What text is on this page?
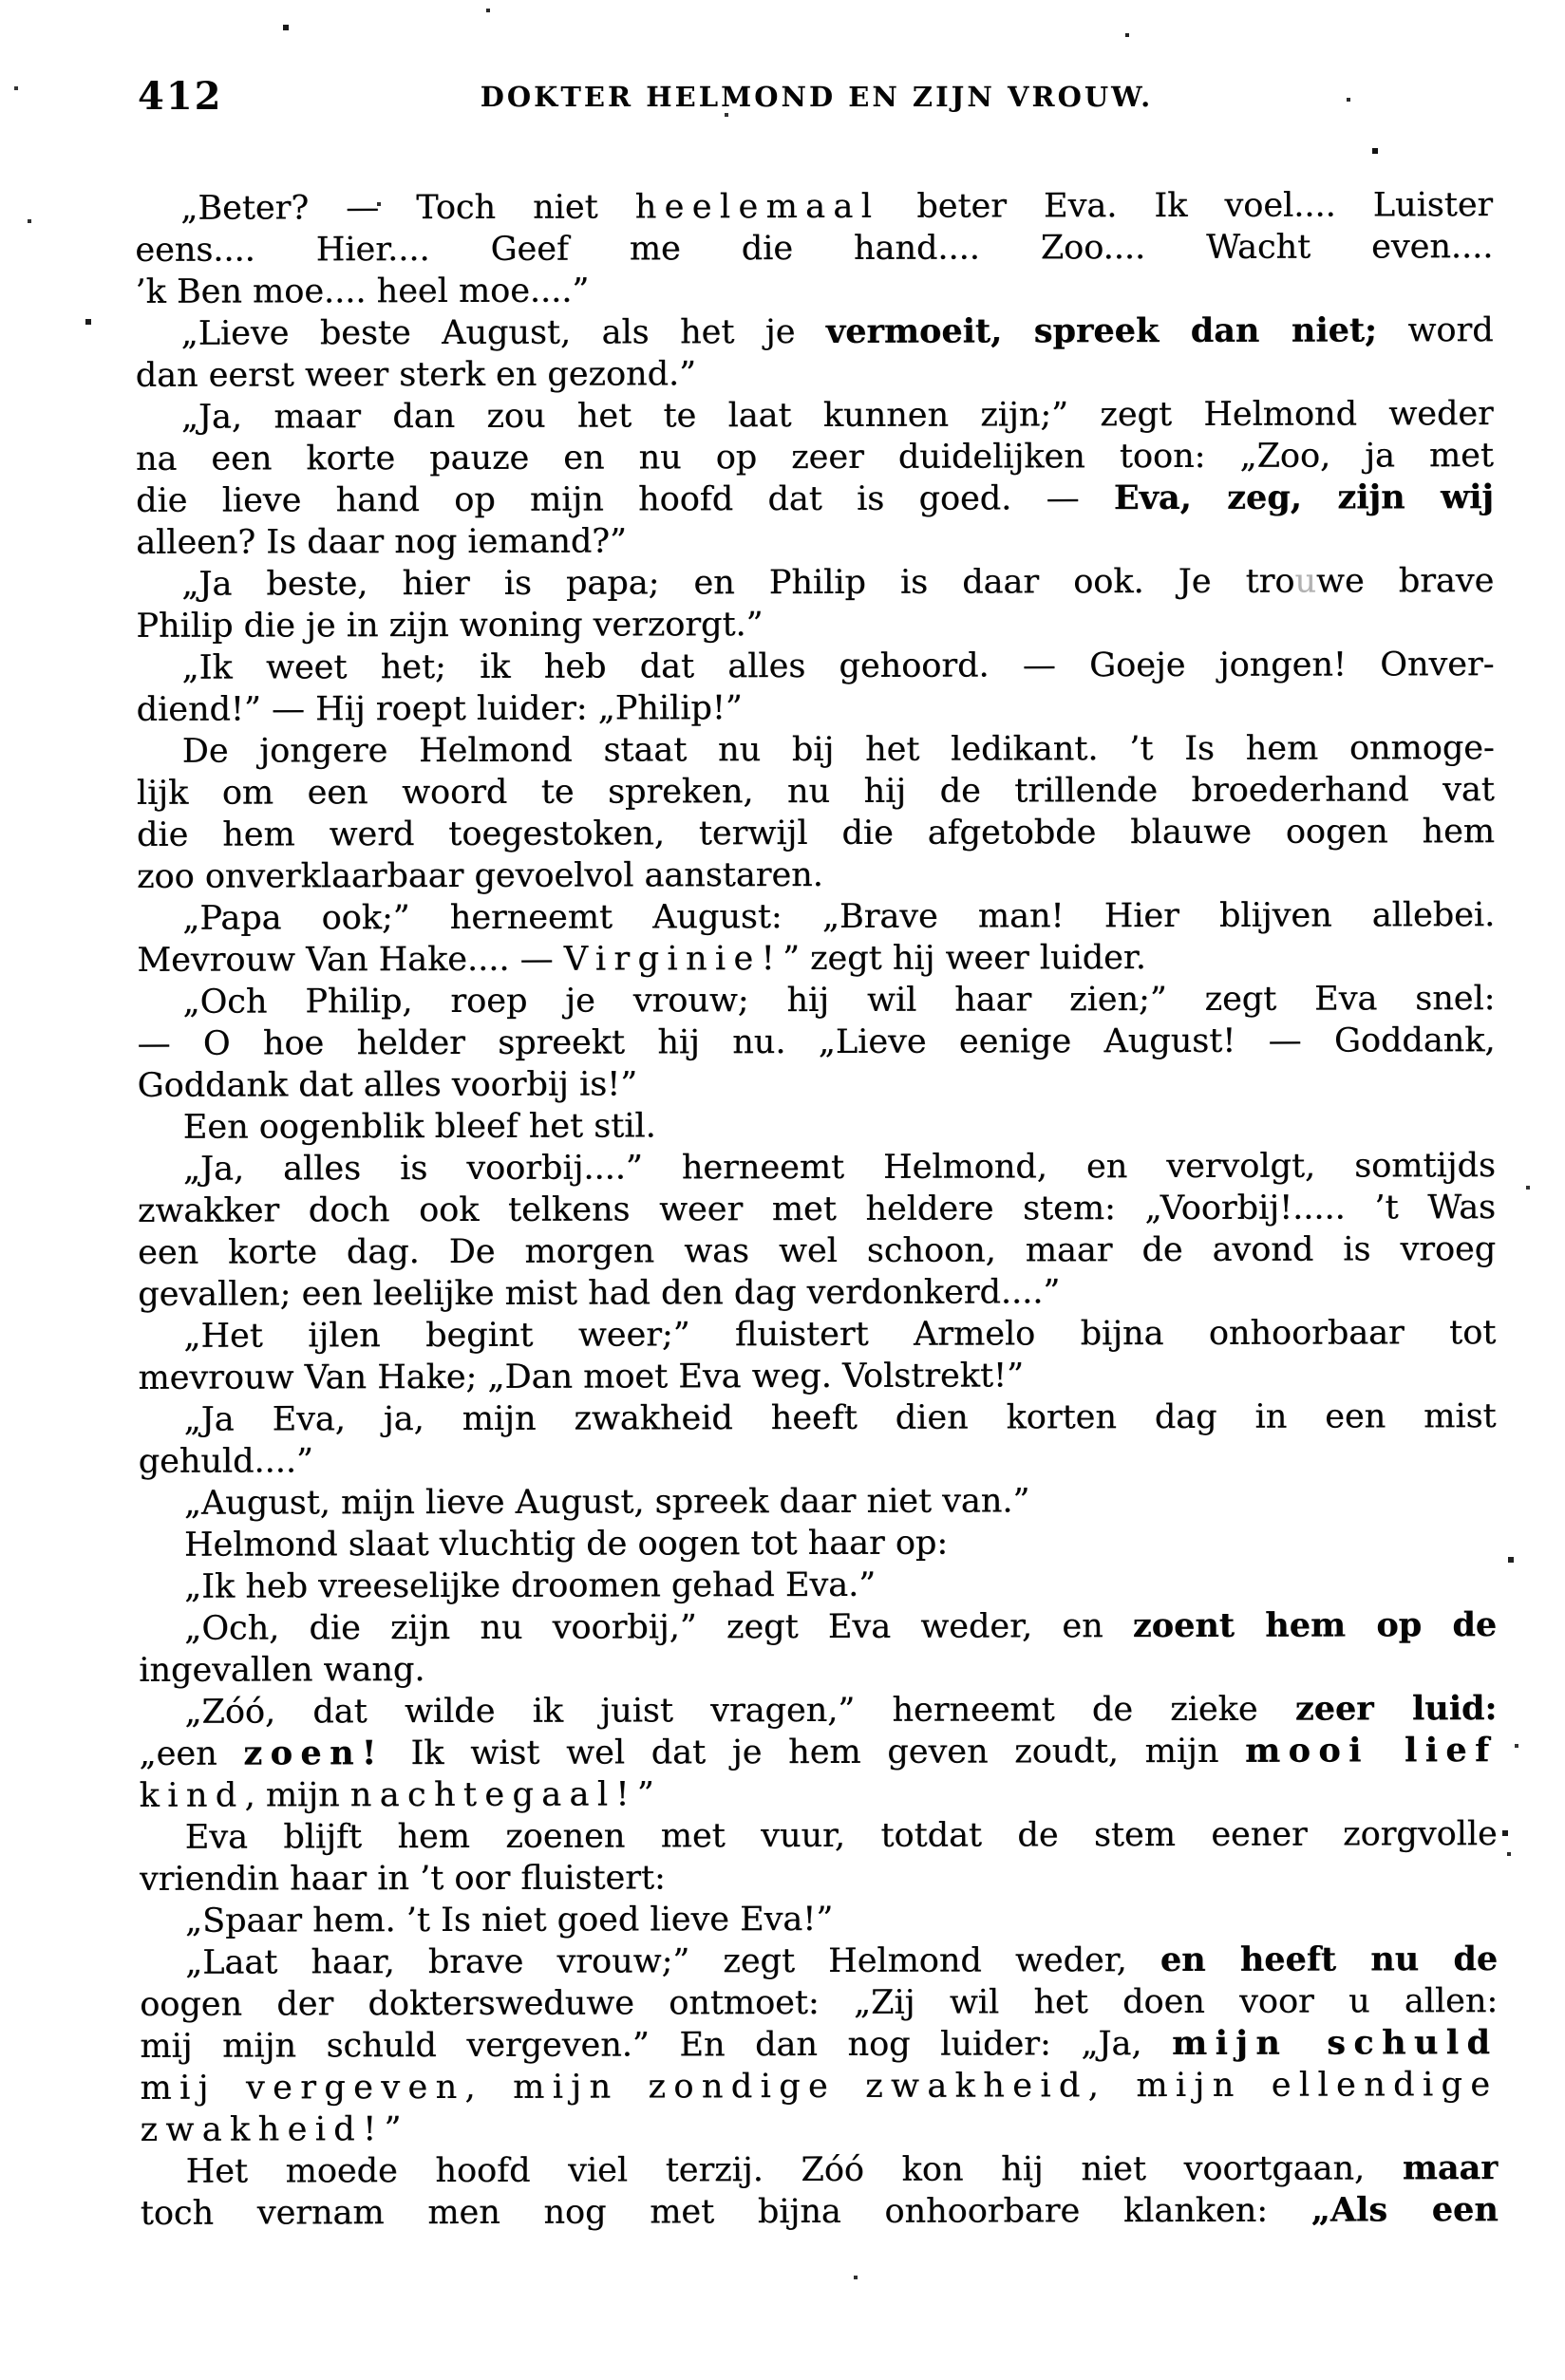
412	DOKTER HELMOND EN ZIJN VROUW.
„Beter? — Toch niet heelemaal beter Eva. Ik voel.... Luister
eens.... Hier.... Geef me die hand.... Zoo.... Wacht even....
’k Ben moe.... heel moe....”
„Lieve beste August, als het je vermoeit, spreek dan niet; word
dan eerst weer sterk en gezond.”
„Ja, maar dan zou het te laat kunnen zijn;” zegt Helmond weder
na een korte pauze en nu op zeer duidelijken toon: „Zoo, ja met
die lieve hand op mijn hoofd dat is goed. — Eva, zeg, zijn wij
alleen? Is daar nog iemand?”
„Ja beste, hier is papa; en Philip is daar ook. Je trouwe brave
Philip die je in zijn woning verzorgt.”
„Ik weet het; ik heb dat alles gehoord. — Goeje jongen! Onver-
diend!” — Hij roept luider: „Philip!”
De jongere Helmond staat nu bij het ledikant. ’t Is hem onmoge-
lijk om een woord te spreken, nu hij de trillende broederhand vat
die hem werd toegestoken, terwijl die afgetobde blauwe oogen hem
zoo onverklaarbaar gevoelvol aanstaren.
„Papa ook;” herneemt August: „Brave man! Hier blijven allebei.
Mevrouw Van Hake.... — Virginie!” zegt hij weer luider.
„Och Philip, roep je vrouw; hij wil haar zien;” zegt Eva snel:
— O hoe helder spreekt hij nu. „Lieve eenige August! — Goddank,
Goddank dat alles voorbij is!”
Een oogenblik bleef het stil.
„Ja, alles is voorbij....” herneemt Helmond, en vervolgt, somtijds
zwakker doch ook telkens weer met heldere stem: „Voorbij!..... ’t Was
een korte dag. De morgen was wel schoon, maar de avond is vroeg
gevallen; een leelijke mist had den dag verdonkerd....”
„Het ijlen begint weer;” fluistert Armelo bijna onhoorbaar tot
mevrouw Van Hake; „Dan moet Eva weg. Volstrekt!”
„Ja Eva, ja, mijn zwakheid heeft dien korten dag in een mist
gehuld....”
„August, mijn lieve August, spreek daar niet van.”
Helmond slaat vluchtig de oogen tot haar op:
„Ik heb vreeselijke droomen gehad Eva.”
„Och, die zijn nu voorbij,” zegt Eva weder, en zoent hem op de
ingevallen wang.
„Zóó, dat wilde ik juist vragen,” herneemt de zieke zeer luid:
„een zoen! Ik wist wel dat je hem geven zoudt, mijn mooi lief
kind, mijn nachtegaal!”
Eva blijft hem zoenen met vuur, totdat de stem eener zorgvolle
vriendin haar in ’t oor fluistert:
„Spaar hem. ’t Is niet goed lieve Eva!”
„Laat haar, brave vrouw;” zegt Helmond weder, en heeft nu de
oogen der doktersweduwe ontmoet: „Zij wil het doen voor u allen:
mij mijn schuld vergeven.” En dan nog luider: „Ja, mijn schuld
mij vergeven, mijn zondige zwakheid, mijn ellendige
zwakheid!”
Het moede hoofd viel terzij. Zóó kon hij niet voortgaan, maar
toch vernam men nog met bijna onhoorbare klanken: „Als een
